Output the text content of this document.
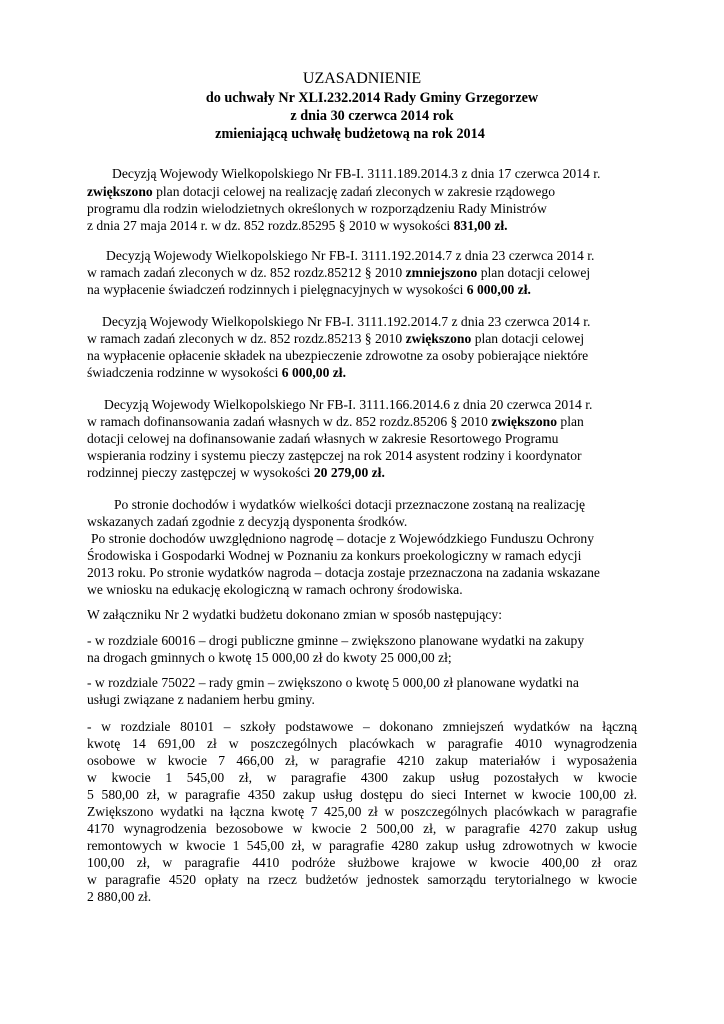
UZASADNIENIE
do uchwały Nr XLI.232.2014 Rady Gminy Grzegorzew
z dnia 30 czerwca 2014 rok
zmieniającą uchwałę budżetową na rok 2014
Decyzją Wojewody Wielkopolskiego Nr FB-I. 3111.189.2014.3 z dnia 17 czerwca 2014 r.
zwiększono plan dotacji celowej na realizację zadań zleconych w zakresie rządowego
programu dla rodzin wielodzietnych określonych w rozporządzeniu Rady Ministrów
z dnia 27 maja 2014 r. w dz. 852 rozdz.85295 § 2010 w wysokości 831,00 zł.
Decyzją Wojewody Wielkopolskiego Nr FB-I. 3111.192.2014.7 z dnia 23 czerwca 2014 r.
w ramach zadań zleconych w dz. 852 rozdz.85212 § 2010 zmniejszono plan dotacji celowej
na wypłacenie świadczeń rodzinnych i pielęgnacyjnych w wysokości 6 000,00 zł.
Decyzją Wojewody Wielkopolskiego Nr FB-I. 3111.192.2014.7 z dnia 23 czerwca 2014 r.
w ramach zadań zleconych w dz. 852 rozdz.85213 § 2010 zwiększono plan dotacji celowej
na wypłacenie opłacenie składek na ubezpieczenie zdrowotne za osoby pobierające niektóre
świadczenia rodzinne w wysokości 6 000,00 zł.
Decyzją Wojewody Wielkopolskiego Nr FB-I. 3111.166.2014.6 z dnia 20 czerwca 2014 r.
w ramach dofinansowania zadań własnych w dz. 852 rozdz.85206 § 2010 zwiększono plan
dotacji celowej na dofinansowanie zadań własnych w zakresie Resortowego Programu
wspierania rodziny i systemu pieczy zastępczej na rok 2014 asystent rodziny i koordynator
rodzinnej pieczy zastępczej w wysokości 20 279,00 zł.
Po stronie dochodów i wydatków wielkości dotacji przeznaczone zostaną na realizację
wskazanych zadań zgodnie z decyzją dysponenta środków.
Po stronie dochodów uwzględniono nagrodę – dotacje z Wojewódzkiego Funduszu Ochrony
Środowiska i Gospodarki Wodnej w Poznaniu za konkurs proekologiczny w ramach edycji
2013 roku. Po stronie wydatków nagroda – dotacja zostaje przeznaczona na zadania wskazane
we wniosku na edukację ekologiczną w ramach ochrony środowiska.
W załączniku Nr 2 wydatki budżetu dokonano zmian w sposób następujący:
- w rozdziale 60016 – drogi publiczne gminne – zwiększono planowane wydatki na zakupy
na drogach gminnych o kwotę 15 000,00 zł do kwoty 25 000,00 zł;
- w rozdziale 75022 – rady gmin – zwiększono o kwotę 5 000,00 zł planowane wydatki na
usługi związane z nadaniem herbu gminy.
- w rozdziale 80101 – szkoły podstawowe – dokonano zmniejszeń wydatków na łączną
kwotę 14 691,00 zł w poszczególnych placówkach w paragrafie 4010 wynagrodzenia
osobowe w kwocie 7 466,00 zł, w paragrafie 4210 zakup materiałów i wyposażenia
w kwocie 1 545,00 zł, w paragrafie 4300 zakup usług pozostałych w kwocie
5 580,00 zł, w paragrafie 4350 zakup usług dostępu do sieci Internet w kwocie 100,00 zł.
Zwiększono wydatki na łączna kwotę 7 425,00 zł w poszczególnych placówkach w paragrafie
4170 wynagrodzenia bezosobowe w kwocie 2 500,00 zł, w paragrafie 4270 zakup usług
remontowych w kwocie 1 545,00 zł, w paragrafie 4280 zakup usług zdrowotnych w kwocie
100,00 zł, w paragrafie 4410 podróże służbowe krajowe w kwocie 400,00 zł oraz
w paragrafie 4520 opłaty na rzecz budżetów jednostek samorządu terytorialnego w kwocie
2 880,00 zł.
